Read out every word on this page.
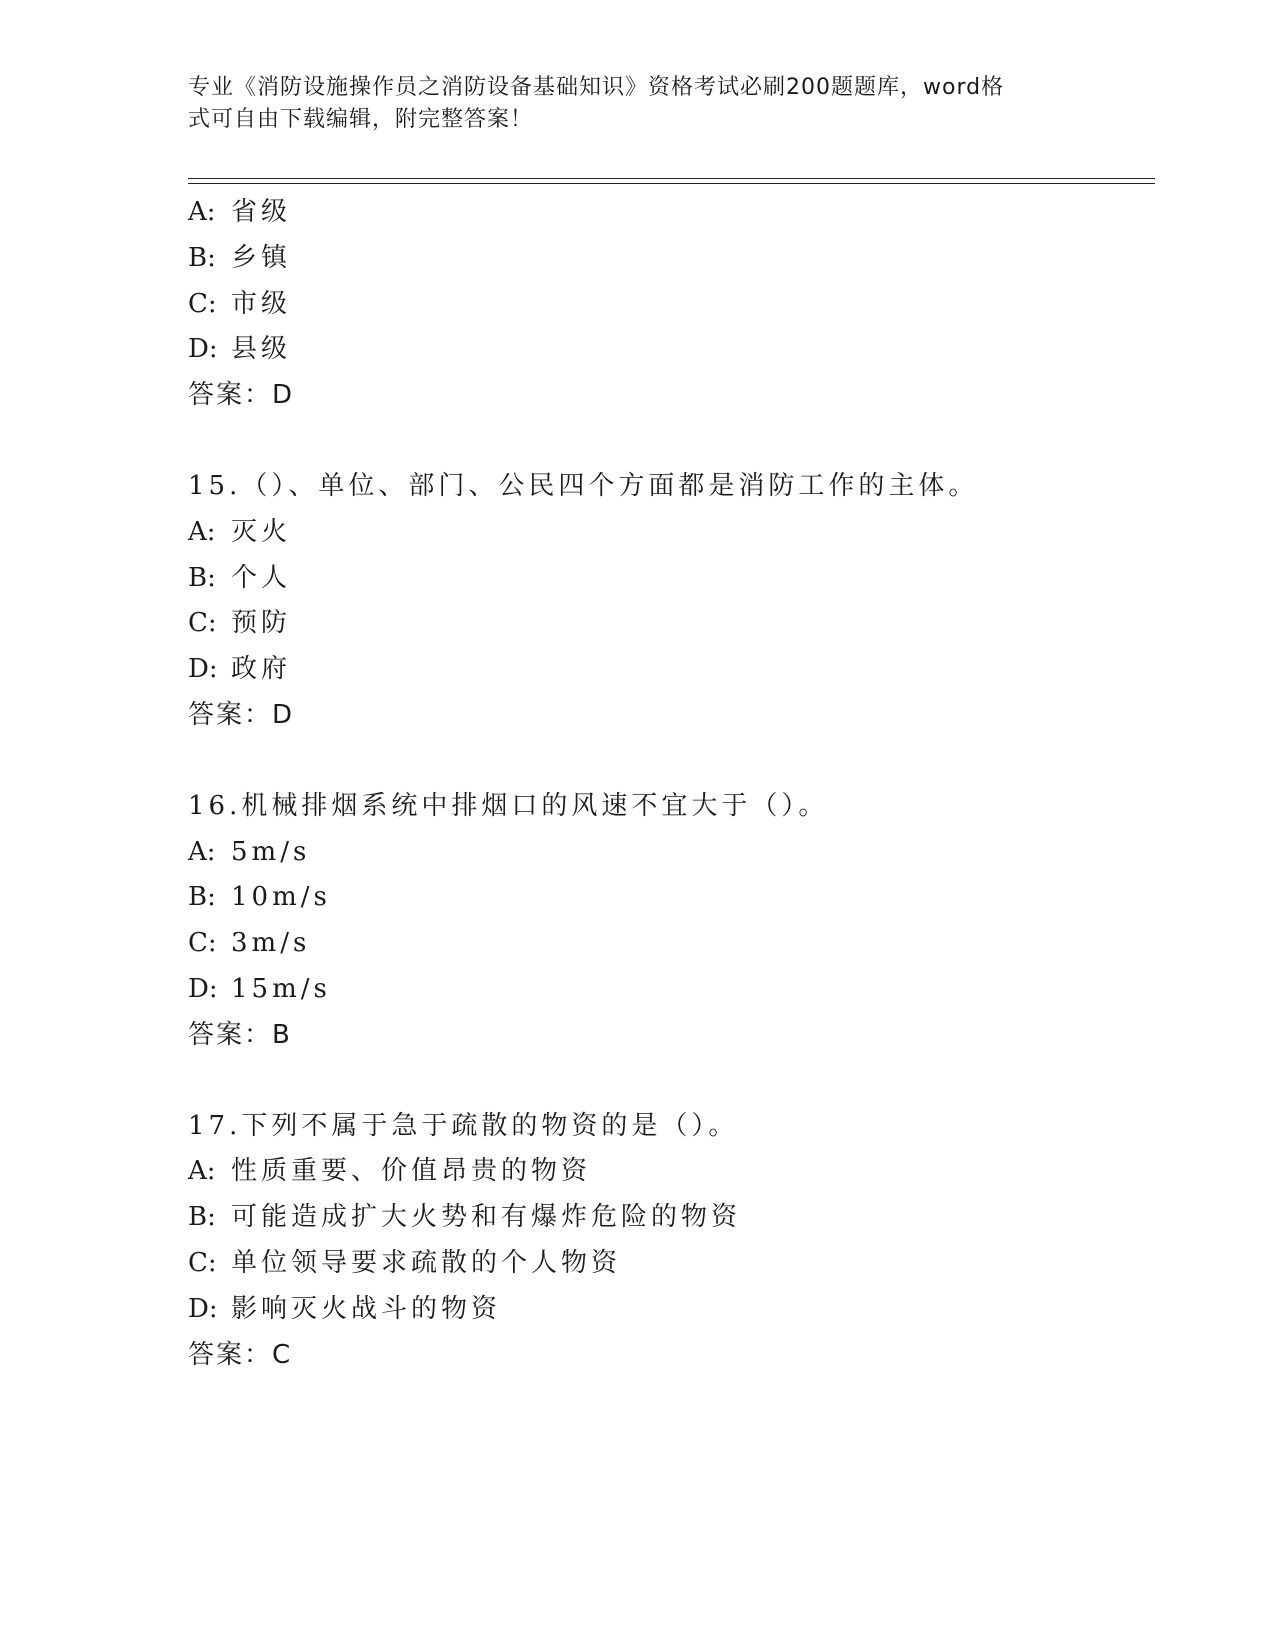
专业《消防设施操作员之消防设备基础知识》资格考试必刷200题题库，word格
式可自由下载编辑，附完整答案！
A: 省级
B: 乡镇
C: 市级
D: 县级
答案：D
15.（）、单位、部门、公民四个方面都是消防工作的主体。
A: 灭火
B: 个人
C: 预防
D: 政府
答案：D
16.机械排烟系统中排烟口的风速不宜大于（）。
A: 5m/s
B: 10m/s
C: 3m/s
D: 15m/s
答案：B
17.下列不属于急于疏散的物资的是（）。
A: 性质重要、价值昂贵的物资
B: 可能造成扩大火势和有爆炸危险的物资
C: 单位领导要求疏散的个人物资
D: 影响灭火战斗的物资
答案：C
